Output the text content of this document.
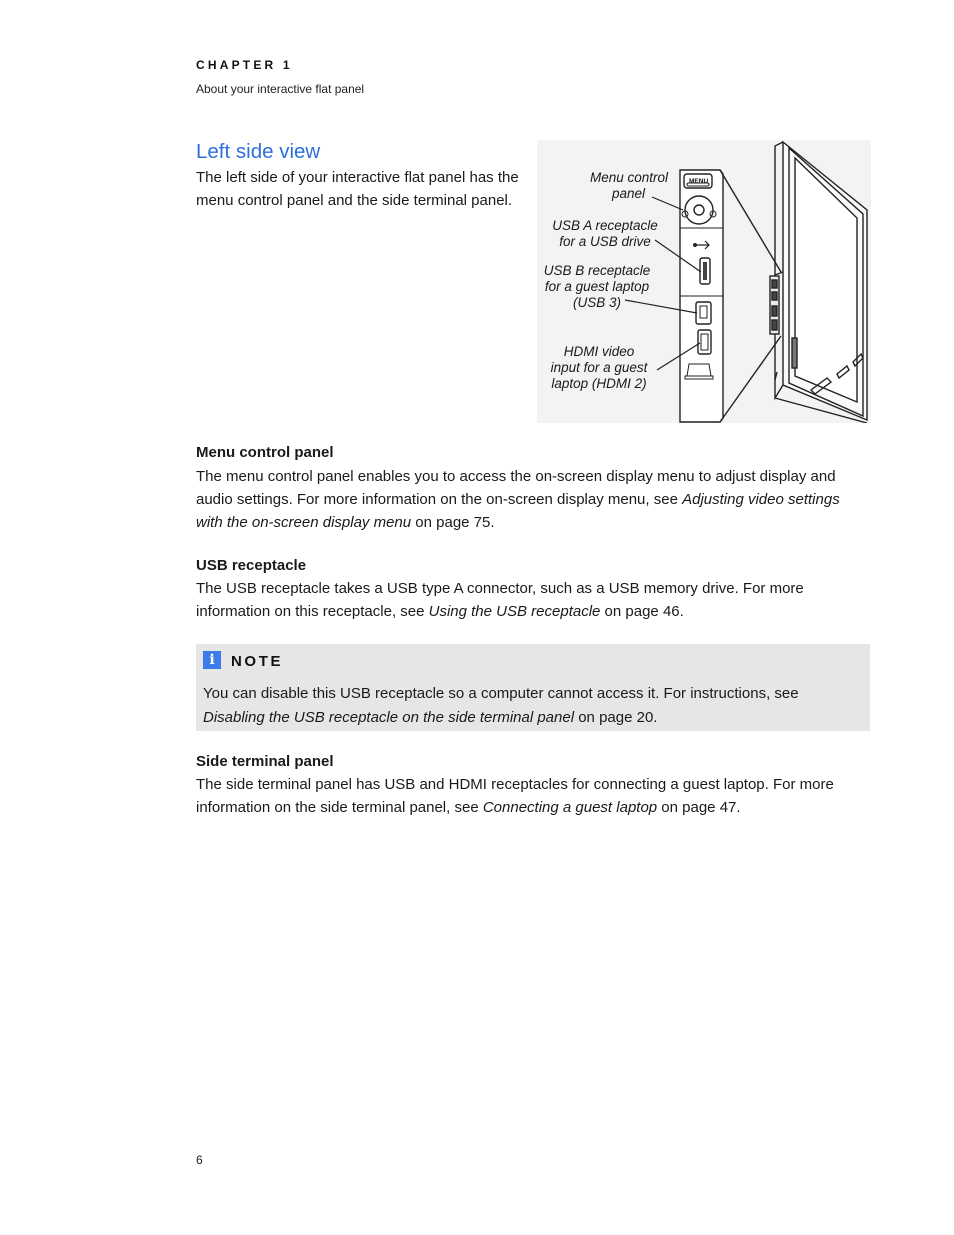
CHAPTER 1
About your interactive flat panel
Left side view

The left side of your interactive flat panel has the menu control panel and the side terminal panel.

MENU
Menu control
panel
USB A receptacle
for a USB drive
USB B receptacle
for a guest laptop
(USB 3)
HDMI video
input for a guest
laptop (HDMI 2)
Menu control panel

The menu control panel enables you to access the on-screen display menu to adjust display and audio settings. For more information on the on-screen display menu, see Adjusting video settings with the on-screen display menu on page 75.

USB receptacle

The USB receptacle takes a USB type A connector, such as a USB memory drive. For more information on this receptacle, see Using the USB receptacle on page 46.

i	NOTE

You can disable this USB receptacle so a computer cannot access it. For instructions, see Disabling the USB receptacle on the side terminal panel on page 20.

Side terminal panel

The side terminal panel has USB and HDMI receptacles for connecting a guest laptop. For more information on the side terminal panel, see Connecting a guest laptop on page 47.

6
